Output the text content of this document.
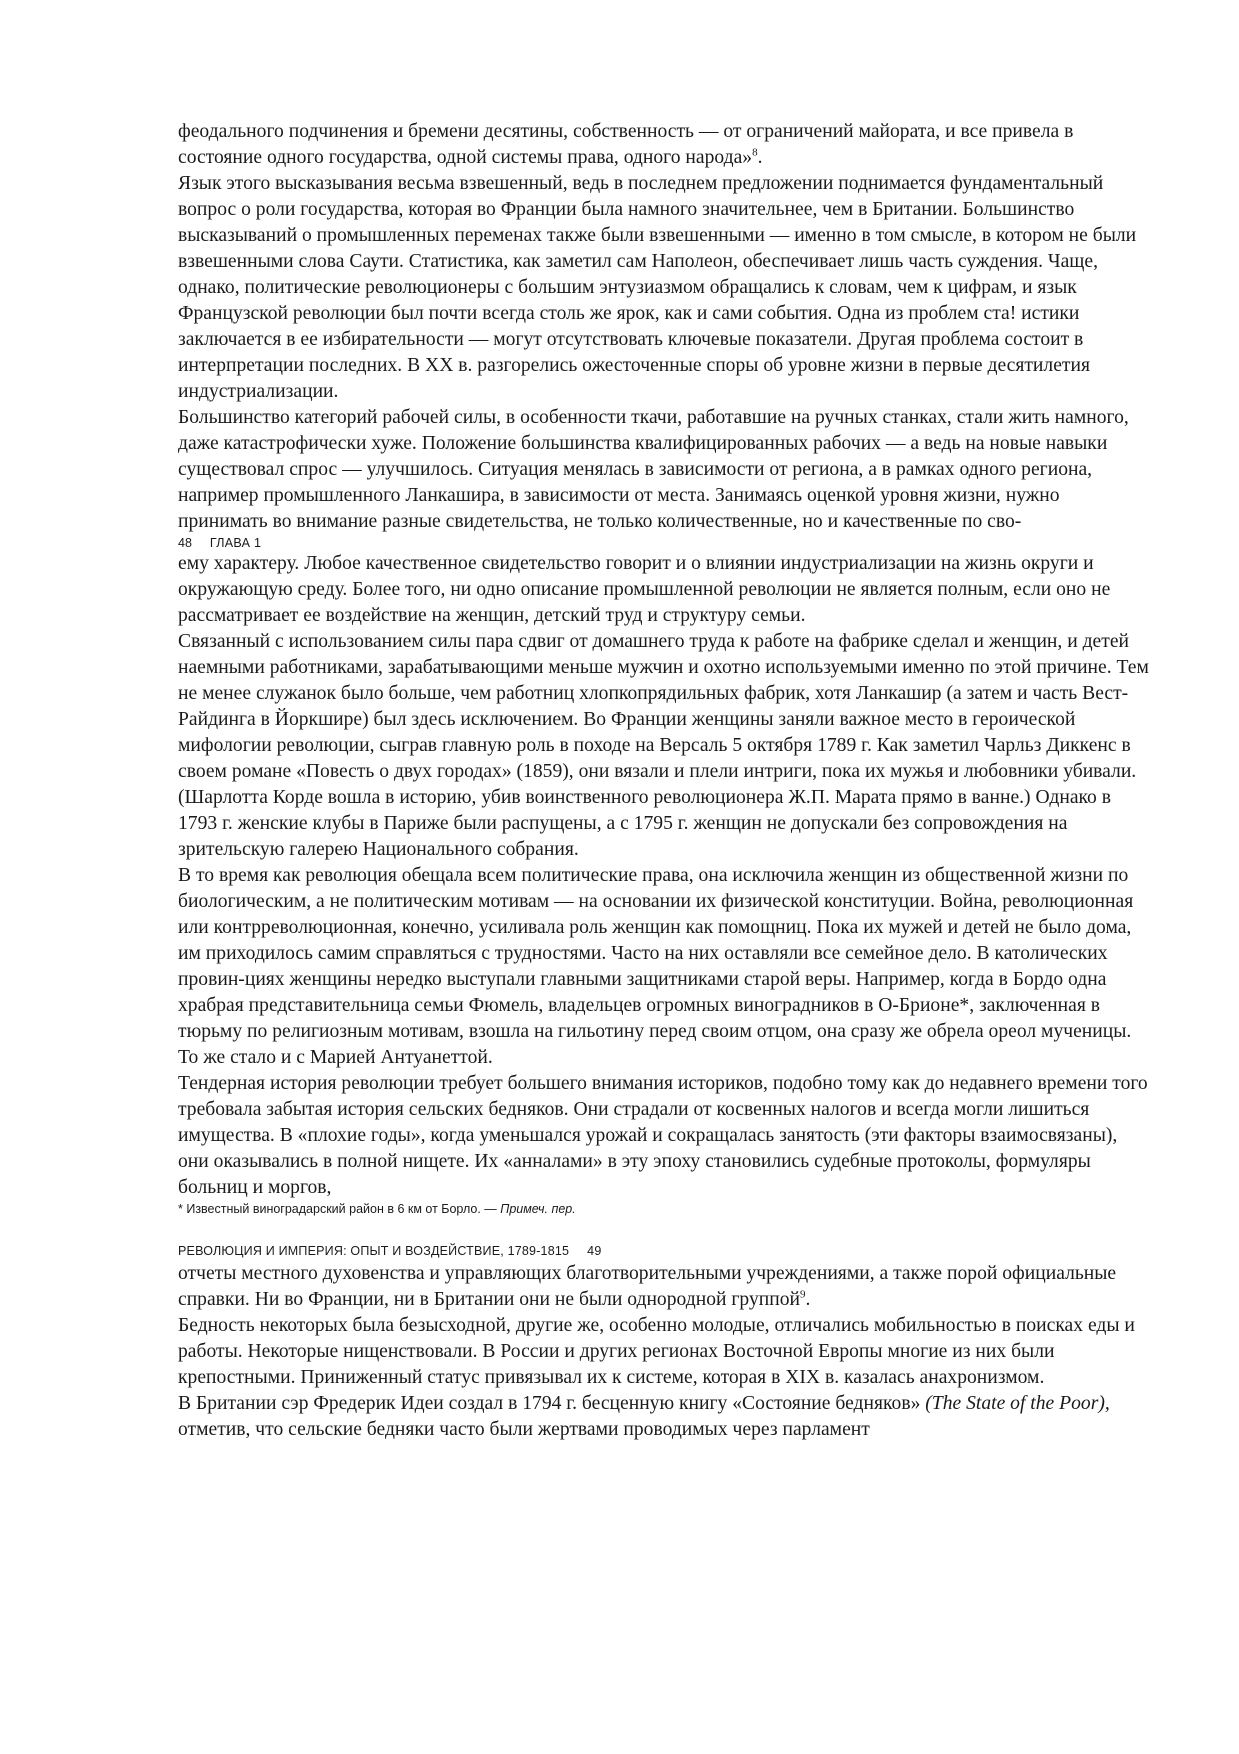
феодального подчинения и бремени десятины, собственность — от ограничений майората, и все привела в состояние одного государства, одной системы права, одного народа»$^8$.

Язык этого высказывания весьма взвешенный, ведь в последнем предложении поднимается фундаментальный вопрос о роли государства, которая во Франции была намного значительнее, чем в Британии. Большинство высказываний о промышленных переменах также были взвешенными — именно в том смысле, в котором не были взвешенными слова Саути. Статистика, как заметил сам Наполеон, обеспечивает лишь часть суждения. Чаще, однако, политические революционеры с большим энтузиазмом обращались к словам, чем к цифрам, и язык Французской революции был почти всегда столь же ярок, как и сами события. Одна из проблем ста! истики заключается в ее избирательности — могут отсутствовать ключевые показатели. Другая проблема состоит в интерпретации последних. В XX в. разгорелись ожесточенные споры об уровне жизни в первые десятилетия индустриализации.

Большинство категорий рабочей силы, в особенности ткачи, работавшие на ручных станках, стали жить намного, даже катастрофически хуже. Положение большинства квалифицированных рабочих — а ведь на новые навыки существовал спрос — улучшилось. Ситуация менялась в зависимости от региона, а в рамках одного региона, например промышленного Ланкашира, в зависимости от места. Занимаясь оценкой уровня жизни, нужно принимать во внимание разные свидетельства, не только количественные, но и качественные по сво-

48 ГЛАВА 1

ему характеру. Любое качественное свидетельство говорит и о влиянии индустриализации на жизнь округи и окружающую среду. Более того, ни одно описание промышленной революции не является полным, если оно не рассматривает ее воздействие на женщин, детский труд и структуру семьи.

Связанный с использованием силы пара сдвиг от домашнего труда к работе на фабрике сделал и женщин, и детей наемными работниками, зарабатывающими меньше мужчин и охотно используемыми именно по этой причине. Тем не менее служанок было больше, чем работниц хлопкопрядильных фабрик, хотя Ланкашир (а затем и часть Вест-Райдинга в Йоркшире) был здесь исключением. Во Франции женщины заняли важное место в героической мифологии революции, сыграв главную роль в походе на Версаль 5 октября 1789 г. Как заметил Чарльз Диккенс в своем романе «Повесть о двух городах» (1859), они вязали и плели интриги, пока их мужья и любовники убивали. (Шарлотта Корде вошла в историю, убив воинственного революционера Ж.П. Марата прямо в ванне.) Однако в 1793 г. женские клубы в Париже были распущены, а с 1795 г. женщин не допускали без сопровождения на зрительскую галерею Национального собрания.

В то время как революция обещала всем политические права, она исключила женщин из общественной жизни по биологическим, а не политическим мотивам — на основании их физической конституции. Война, революционная или контрреволюционная, конечно, усиливала роль женщин как помощниц. Пока их мужей и детей не было дома, им приходилось самим справляться с трудностями. Часто на них оставляли все семейное дело. В католических провин-циях женщины нередко выступали главными защитниками старой веры. Например, когда в Бордо одна храбрая представительница семьи Фюмель, владельцев огромных виноградников в О-Брионе*, заключенная в тюрьму по религиозным мотивам, взошла на гильотину перед своим отцом, она сразу же обрела ореол мученицы. То же стало и с Марией Антуанеттой.

Тендерная история революции требует большего внимания историков, подобно тому как до недавнего времени того требовала забытая история сельских бедняков. Они страдали от косвенных налогов и всегда могли лишиться имущества. В «плохие годы», когда уменьшался урожай и сокращалась занятость (эти факторы взаимосвязаны), они оказывались в полной нищете. Их «анналами» в эту эпоху становились судебные протоколы, формуляры больниц и моргов,

* Известный виноградарский район в 6 км от Борло. — Примеч. пер.

РЕВОЛЮЦИЯ И ИМПЕРИЯ: ОПЫТ И ВОЗДЕЙСТВИЕ, 1789-1815 49

отчеты местного духовенства и управляющих благотворительными учреждениями, а также порой официальные справки. Ни во Франции, ни в Британии они не были однородной группой$^9$.

Бедность некоторых была безысходной, другие же, особенно молодые, отличались мобильностью в поисках еды и работы. Некоторые нищенствовали. В России и других регионах Восточной Европы многие из них были крепостными. Приниженный статус привязывал их к системе, которая в XIX в. казалась анахронизмом.

В Британии сэр Фредерик Идеи создал в 1794 г. бесценную книгу «Состояние бедняков» (The State of the Poor), отметив, что сельские бедняки часто были жертвами проводимых через парламент
